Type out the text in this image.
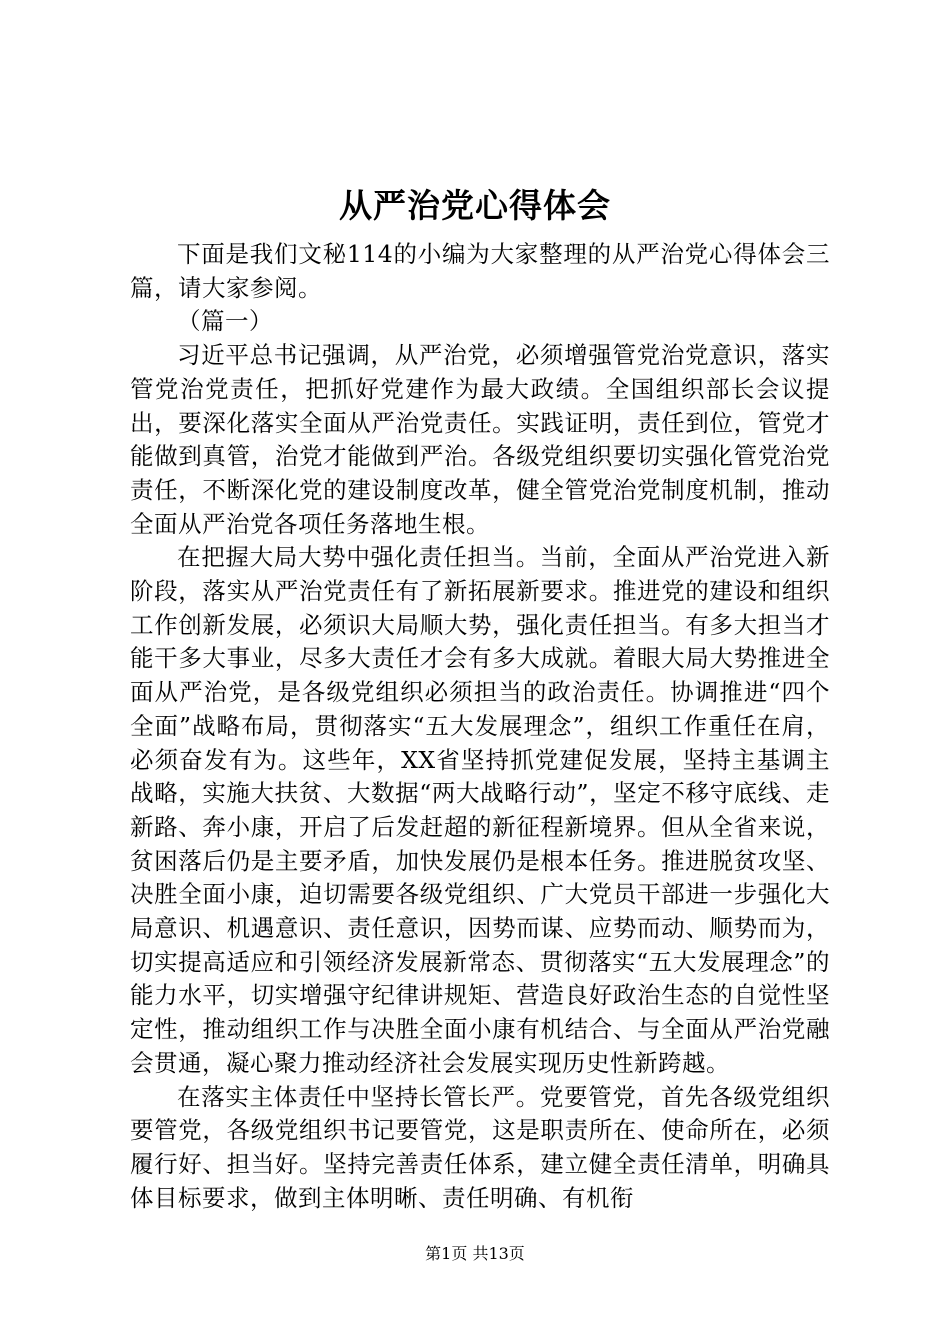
从严治党心得体会

下面是我们文秘114的小编为大家整理的从严治党心得体会三篇，请大家参阅。

（篇一）

习近平总书记强调，从严治党，必须增强管党治党意识，落实管党治党责任，把抓好党建作为最大政绩。全国组织部长会议提出，要深化落实全面从严治党责任。实践证明，责任到位，管党才能做到真管，治党才能做到严治。各级党组织要切实强化管党治党责任，不断深化党的建设制度改革，健全管党治党制度机制，推动全面从严治党各项任务落地生根。

在把握大局大势中强化责任担当。当前，全面从严治党进入新阶段，落实从严治党责任有了新拓展新要求。推进党的建设和组织工作创新发展，必须识大局顺大势，强化责任担当。有多大担当才能干多大事业，尽多大责任才会有多大成就。着眼大局大势推进全面从严治党，是各级党组织必须担当的政治责任。协调推进“四个全面”战略布局，贯彻落实“五大发展理念”，组织工作重任在肩，必须奋发有为。这些年，XX省坚持抓党建促发展，坚持主基调主战略，实施大扶贫、大数据“两大战略行动”，坚定不移守底线、走新路、奔小康，开启了后发赶超的新征程新境界。但从全省来说，贫困落后仍是主要矛盾，加快发展仍是根本任务。推进脱贫攻坚、决胜全面小康，迫切需要各级党组织、广大党员干部进一步强化大局意识、机遇意识、责任意识，因势而谋、应势而动、顺势而为，切实提高适应和引领经济发展新常态、贯彻落实“五大发展理念”的能力水平，切实增强守纪律讲规矩、营造良好政治生态的自觉性坚定性，推动组织工作与决胜全面小康有机结合、与全面从严治党融会贯通，凝心聚力推动经济社会发展实现历史性新跨越。

在落实主体责任中坚持长管长严。党要管党，首先各级党组织要管党，各级党组织书记要管党，这是职责所在、使命所在，必须履行好、担当好。坚持完善责任体系，建立健全责任清单，明确具体目标要求，做到主体明晰、责任明确、有机衔

第1页 共13页
